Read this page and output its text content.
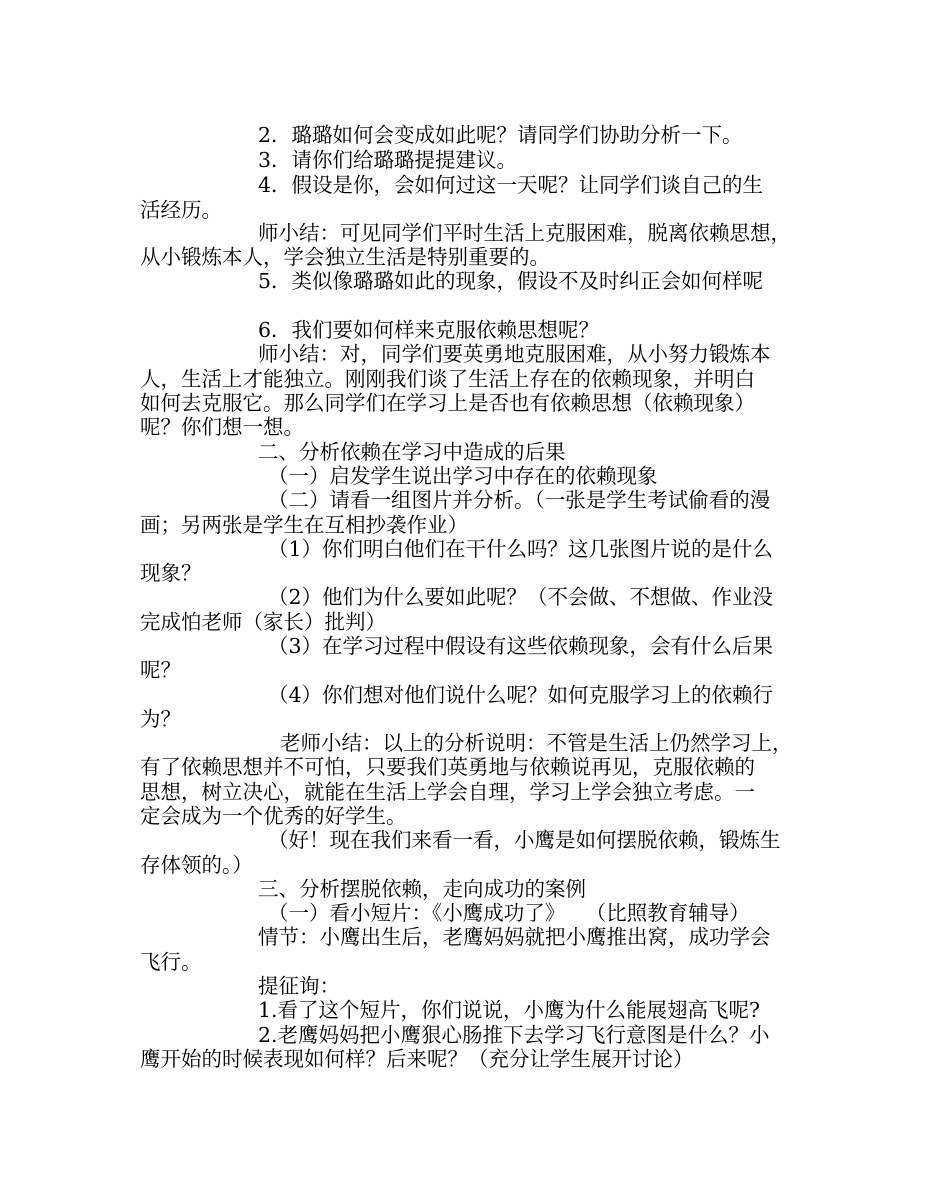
2．璐璐如何会变成如此呢？请同学们协助分析一下。
3．请你们给璐璐提提建议。
4．假设是你，会如何过这一天呢？让同学们谈自己的生
活经历。
师小结：可见同学们平时生活上克服困难，脱离依赖思想，
从小锻炼本人，学会独立生活是特别重要的。
5．类似像璐璐如此的现象，假设不及时纠正会如何样呢
6．我们要如何样来克服依赖思想呢？
师小结：对，同学们要英勇地克服困难，从小努力锻炼本
人，生活上才能独立。刚刚我们谈了生活上存在的依赖现象，并明白
如何去克服它。那么同学们在学习上是否也有依赖思想（依赖现象）
呢？你们想一想。
二、分析依赖在学习中造成的后果
（一）启发学生说出学习中存在的依赖现象
（二）请看一组图片并分析。（一张是学生考试偷看的漫
画；另两张是学生在互相抄袭作业）
（1）你们明白他们在干什么吗？这几张图片说的是什么
现象？
（2）他们为什么要如此呢？（不会做、不想做、作业没
完成怕老师（家长）批判）
（3）在学习过程中假设有这些依赖现象，会有什么后果
呢？
（4）你们想对他们说什么呢？如何克服学习上的依赖行
为？
老师小结：以上的分析说明：不管是生活上仍然学习上，
有了依赖思想并不可怕，只要我们英勇地与依赖说再见，克服依赖的
思想，树立决心，就能在生活上学会自理，学习上学会独立考虑。一
定会成为一个优秀的好学生。
（好！现在我们来看一看，小鹰是如何摆脱依赖，锻炼生
存体领的。）
三、分析摆脱依赖，走向成功的案例
（一）看小短片：《小鹰成功了》　　（比照教育辅导）
情节：小鹰出生后，老鹰妈妈就把小鹰推出窝，成功学会
飞行。
提征询：
1.看了这个短片，你们说说，小鹰为什么能展翅高飞呢?
2.老鹰妈妈把小鹰狠心肠推下去学习飞行意图是什么？小
鹰开始的时候表现如何样？后来呢？（充分让学生展开讨论）
